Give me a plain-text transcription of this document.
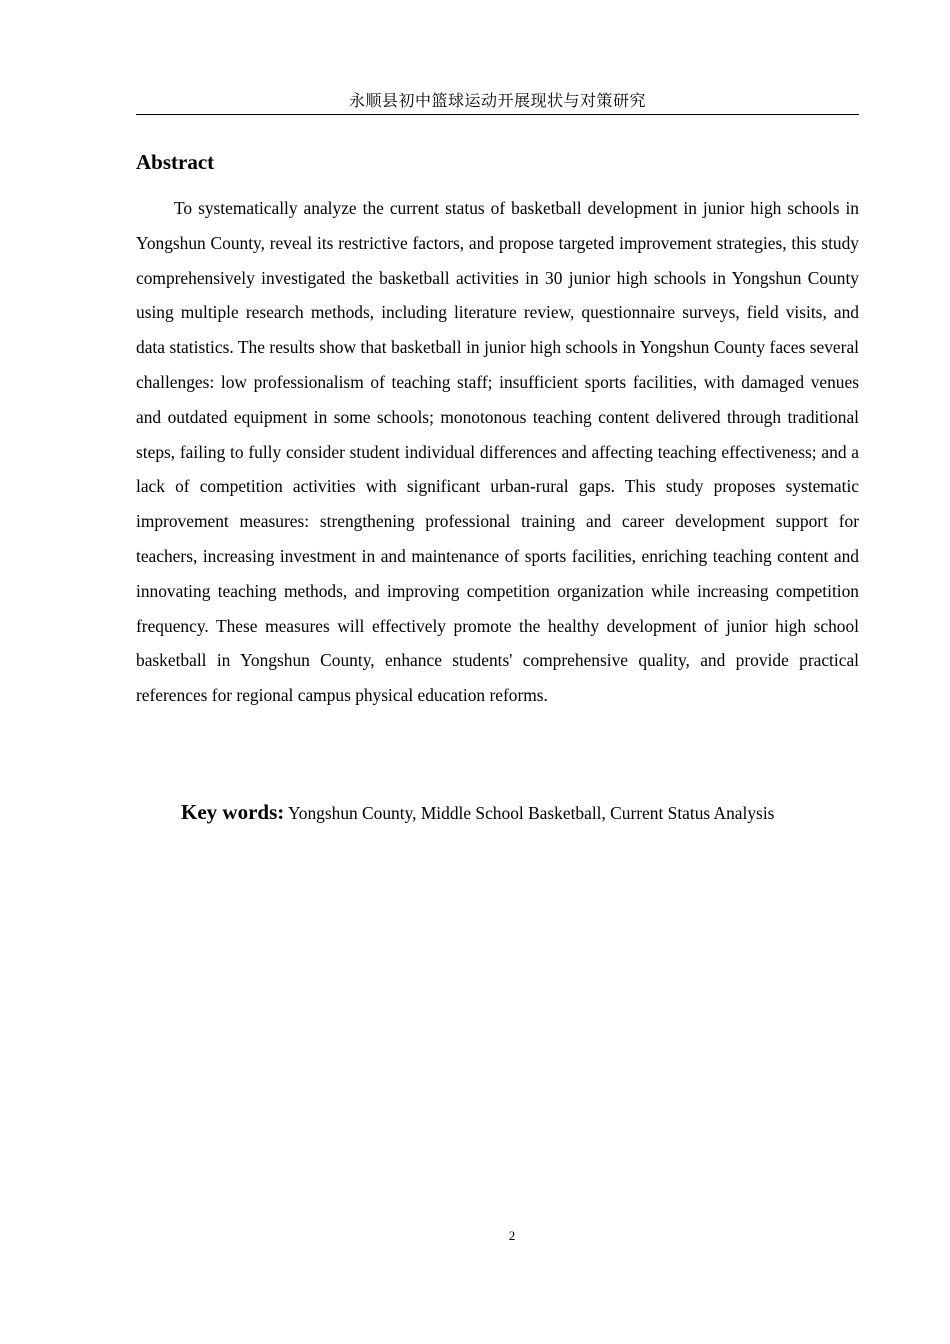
永顺县初中篮球运动开展现状与对策研究
Abstract

To systematically analyze the current status of basketball development in junior high schools in Yongshun County, reveal its restrictive factors, and propose targeted improvement strategies, this study comprehensively investigated the basketball activities in 30 junior high schools in Yongshun County using multiple research methods, including literature review, questionnaire surveys, field visits, and data statistics. The results show that basketball in junior high schools in Yongshun County faces several challenges: low professionalism of teaching staff; insufficient sports facilities, with damaged venues and outdated equipment in some schools; monotonous teaching content delivered through traditional steps, failing to fully consider student individual differences and affecting teaching effectiveness; and a lack of competition activities with significant urban-rural gaps. This study proposes systematic improvement measures: strengthening professional training and career development support for teachers, increasing investment in and maintenance of sports facilities, enriching teaching content and innovating teaching methods, and improving competition organization while increasing competition frequency. These measures will effectively promote the healthy development of junior high school basketball in Yongshun County, enhance students' comprehensive quality, and provide practical references for regional campus physical education reforms.

Key words: Yongshun County, Middle School Basketball, Current Status Analysis

2
